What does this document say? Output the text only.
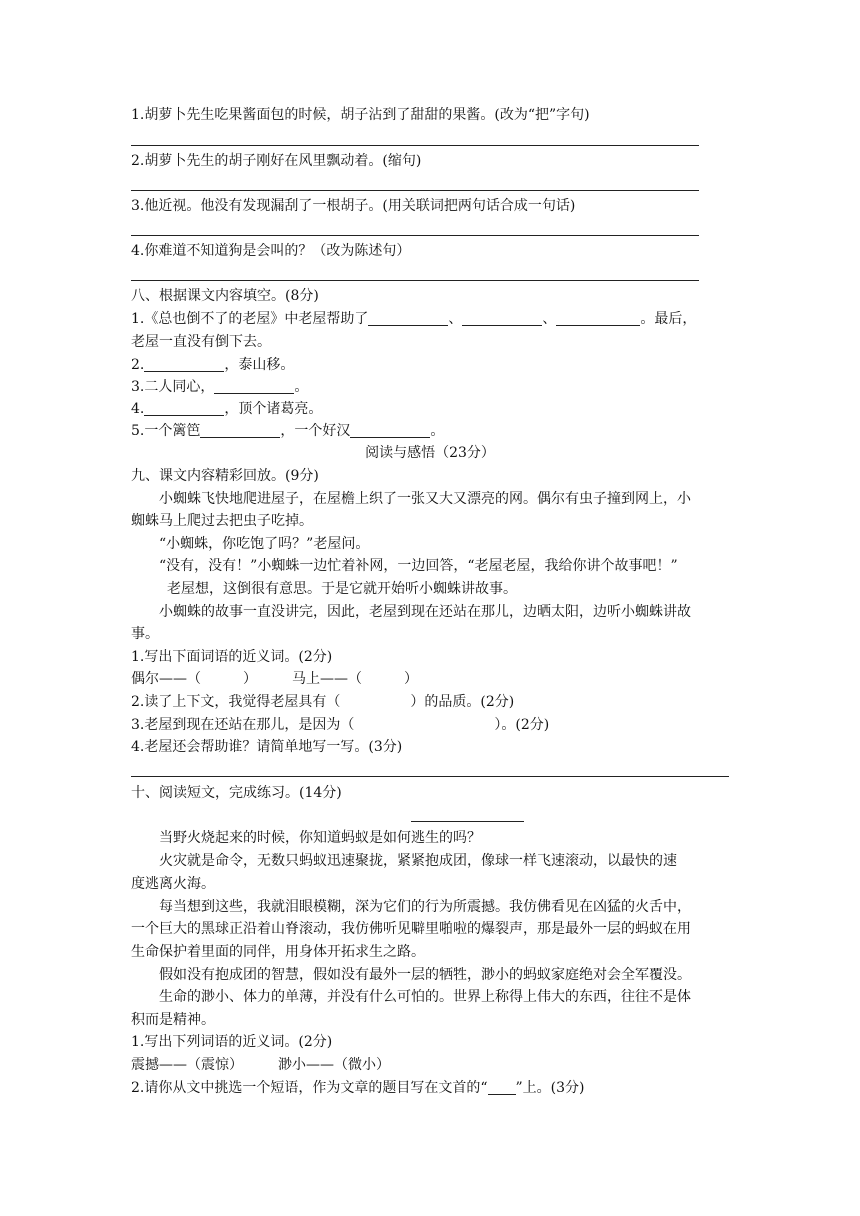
1.胡萝卜先生吃果酱面包的时候，胡子沾到了甜甜的果酱。(改为“把”字句)
2.胡萝卜先生的胡子刚好在风里飘动着。(缩句)
3.他近视。他没有发现漏刮了一根胡子。(用关联词把两句话合成一句话)
4.你难道不知道狗是会叫的？（改为陈述句）
八、根据课文内容填空。(8分)
1.《总也倒不了的老屋》中老屋帮助了	、	、	。最后，
老屋一直没有倒下去。
2.	，泰山移。
3.二人同心，	。
4.	，顶个诸葛亮。
5.一个篱笆	，一个好汉	。
阅读与感悟（23分）
九、课文内容精彩回放。(9分)
小蜘蛛飞快地爬进屋子，在屋檐上织了一张又大又漂亮的网。偶尔有虫子撞到网上，小
蜘蛛马上爬过去把虫子吃掉。
“小蜘蛛，你吃饱了吗？”老屋问。
“没有，没有！”小蜘蛛一边忙着补网，一边回答，“老屋老屋，我给你讲个故事吧！”
老屋想，这倒很有意思。于是它就开始听小蜘蛛讲故事。
小蜘蛛的故事一直没讲完，因此，老屋到现在还站在那儿，边晒太阳，边听小蜘蛛讲故
事。
1.写出下面词语的近义词。(2分)
偶尔——（　　　）　　　马上——（　　　）
2.读了上下文，我觉得老屋具有（　　　　　）的品质。(2分)
3.老屋到现在还站在那儿，是因为（　　　　　　　　　　）。(2分)
4.老屋还会帮助谁？请简单地写一写。(3分)
十、阅读短文，完成练习。(14分)
当野火烧起来的时候，你知道蚂蚁是如何逃生的吗？
火灾就是命令，无数只蚂蚁迅速聚拢，紧紧抱成团，像球一样飞速滚动，以最快的速
度逃离火海。
每当想到这些，我就泪眼模糊，深为它们的行为所震撼。我仿佛看见在凶猛的火舌中，
一个巨大的黑球正沿着山脊滚动，我仿佛听见噼里啪啦的爆裂声，那是最外一层的蚂蚁在用
生命保护着里面的同伴，用身体开拓求生之路。
假如没有抱成团的智慧，假如没有最外一层的牺牲，渺小的蚂蚁家庭绝对会全军覆没。
生命的渺小、体力的单薄，并没有什么可怕的。世界上称得上伟大的东西，往往不是体
积而是精神。
1.写出下列词语的近义词。(2分)
震撼——（震惊）　　　渺小——（微小）
2.请你从文中挑选一个短语，作为文章的题目写在文首的“ ”上。(3分)
